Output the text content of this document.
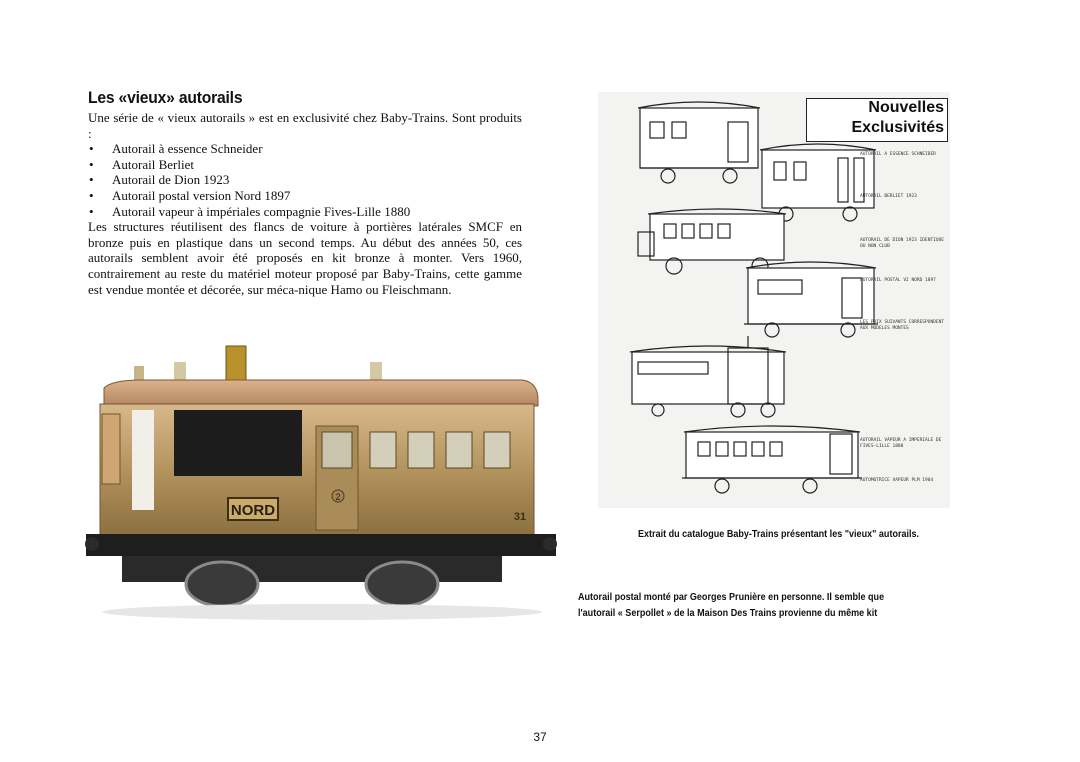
Les «vieux» autorails

Une série de « vieux autorails » est en exclusivité chez Baby-Trains. Sont produits :

• Autorail à essence Schneider
• Autorail Berliet
• Autorail de Dion 1923
• Autorail postal version Nord 1897
• Autorail vapeur à impériales compagnie Fives-Lille 1880

Les structures réutilisent des flancs de voiture à portières latérales SMCF en bronze puis en plastique dans un second temps. Au début des années 50, ces autorails semblent avoir été proposés en kit bronze à monter. Vers 1960, contrairement au reste du matériel moteur proposé par Baby-Trains, cette gamme est vendue montée et décorée, sur méca-nique Hamo ou Fleischmann.

Nouvelles
Exclusivités
AUTORAIL A ESSENCE SCHNEIDER
AUTORAIL BERLIET 1923
AUTORAIL DE DION 1923 IDENTIQUE OU NON CLUB
AUTORAIL POSTAL V2 NORD 1897
LES PRIX SUIVANTS CORRESPONDENT AUX MODELES MONTES
AUTORAIL VAPEUR A IMPERIALE DE FIVES-LILLE 1880
AUTOMOTRICE VAPEUR PLM 1904
2
NORD	31
Extrait du catalogue Baby-Trains présentant les "vieux" autorails.
Autorail postal monté par Georges Prunière en personne. Il semble que
l'autorail « Serpollet » de la Maison Des Trains provienne du même kit
37
